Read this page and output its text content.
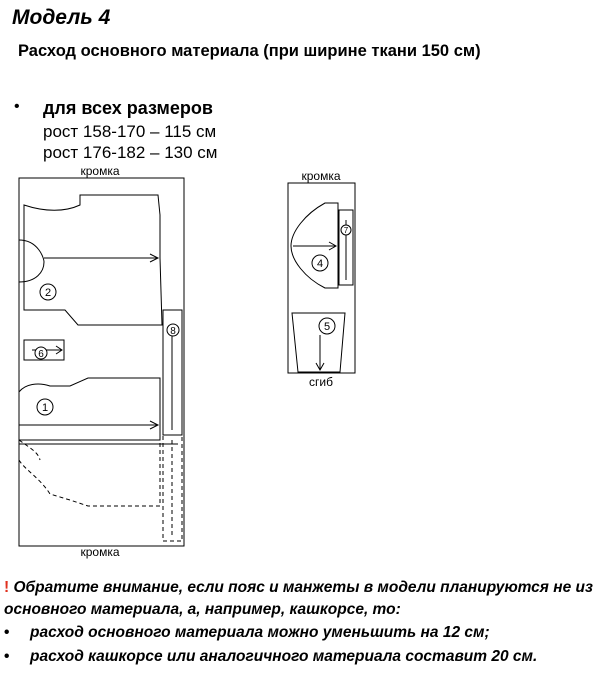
Модель 4
Расход основного материала (при ширине ткани 150 см)
• для всех размеров
рост 158-170 – 115 см
рост 176-182 – 130 см
2
6
1
8
кромка
кромка
4
7
5
кромка
сгиб
! Обратите внимание, если пояс и манжеты в модели планируются не из основного материала, а, например, кашкорсе, то:
• расход основного материала можно уменьшить на 12 см;
• расход кашкорсе или аналогичного материала составит 20 см.
